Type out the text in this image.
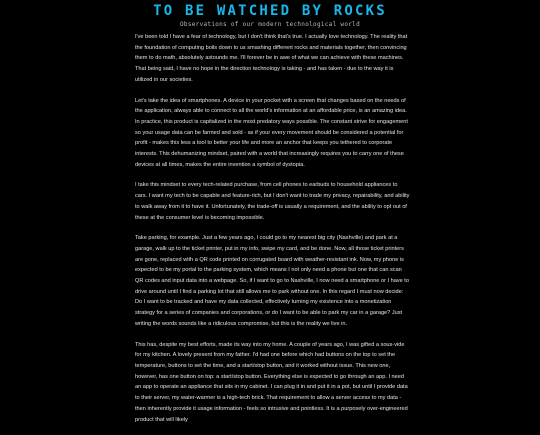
TO BE WATCHED BY ROCKS
Observations of our modern technological world

I've been told I have a fear of technology, but I don't think that's true. I actually love technology. The reality that the foundation of computing boils down to us smashing different rocks and materials together, then convincing them to do math, absolutely astounds me. I'll forever be in awe of what we can achieve with these machines. That being said, I have no hope in the direction technology is taking - and has taken - due to the way it is utilized in our societies.

Let's take the idea of smartphones. A device in your pocket with a screen that changes based on the needs of the application, always able to connect to all the world's information at an affordable price, is an amazing idea. In practice, this product is capitalized in the most predatory ways possible. The constant strive for engagement so your usage data can be farmed and sold - as if your every movement should be considered a potential for profit - makes this less a tool to better your life and more an anchor that keeps you tethered to corporate interests. This dehumanizing mindset, paired with a world that increasingly requires you to carry one of these devices at all times, makes the entire invention a symbol of dystopia.

I take this mindset to every tech-related purchase, from cell phones to earbuds to household appliances to cars. I want my tech to be capable and feature-rich, but I don't want to trade my privacy, repairability, and ability to walk away from it to have it. Unfortunately, the trade-off is usually a requirement, and the ability to opt out of these at the consumer level is becoming impossible.

Take parking, for example. Just a few years ago, I could go to my nearest big city (Nashville) and park at a garage, walk up to the ticket printer, put in my info, swipe my card, and be done. Now, all those ticket printers are gone, replaced with a QR code printed on corrugated board with weather-resistant ink. Now, my phone is expected to be my portal to the parking system, which means I not only need a phone but one that can scan QR codes and input data into a webpage. So, if I want to go to Nashville, I now need a smartphone or I have to drive around until I find a parking lot that still allows me to park without one. In this regard I must now decide: Do I want to be tracked and have my data collected, effectively turning my existence into a monetization strategy for a series of companies and corporations, or do I want to be able to park my car in a garage? Just writing the words sounds like a ridiculous compromise, but this is the reality we live in.

This has, despite my best efforts, made its way into my home. A couple of years ago, I was gifted a sous-vide for my kitchen. A lovely present from my father. I'd had one before which had buttons on the top to set the temperature, buttons to set the time, and a start/stop button, and it worked without issue. This new one, however, has one button on top: a start/stop button. Everything else is expected to go through an app. I need an app to operate an appliance that sits in my cabinet. I can plug it in and put it in a pot, but until I provide data to their server, my water-warmer is a high-tech brick. That requirement to allow a server access to my data - then inherently provide it usage information - feels so intrusive and pointless. It is a purposely over-engineered product that will likely
